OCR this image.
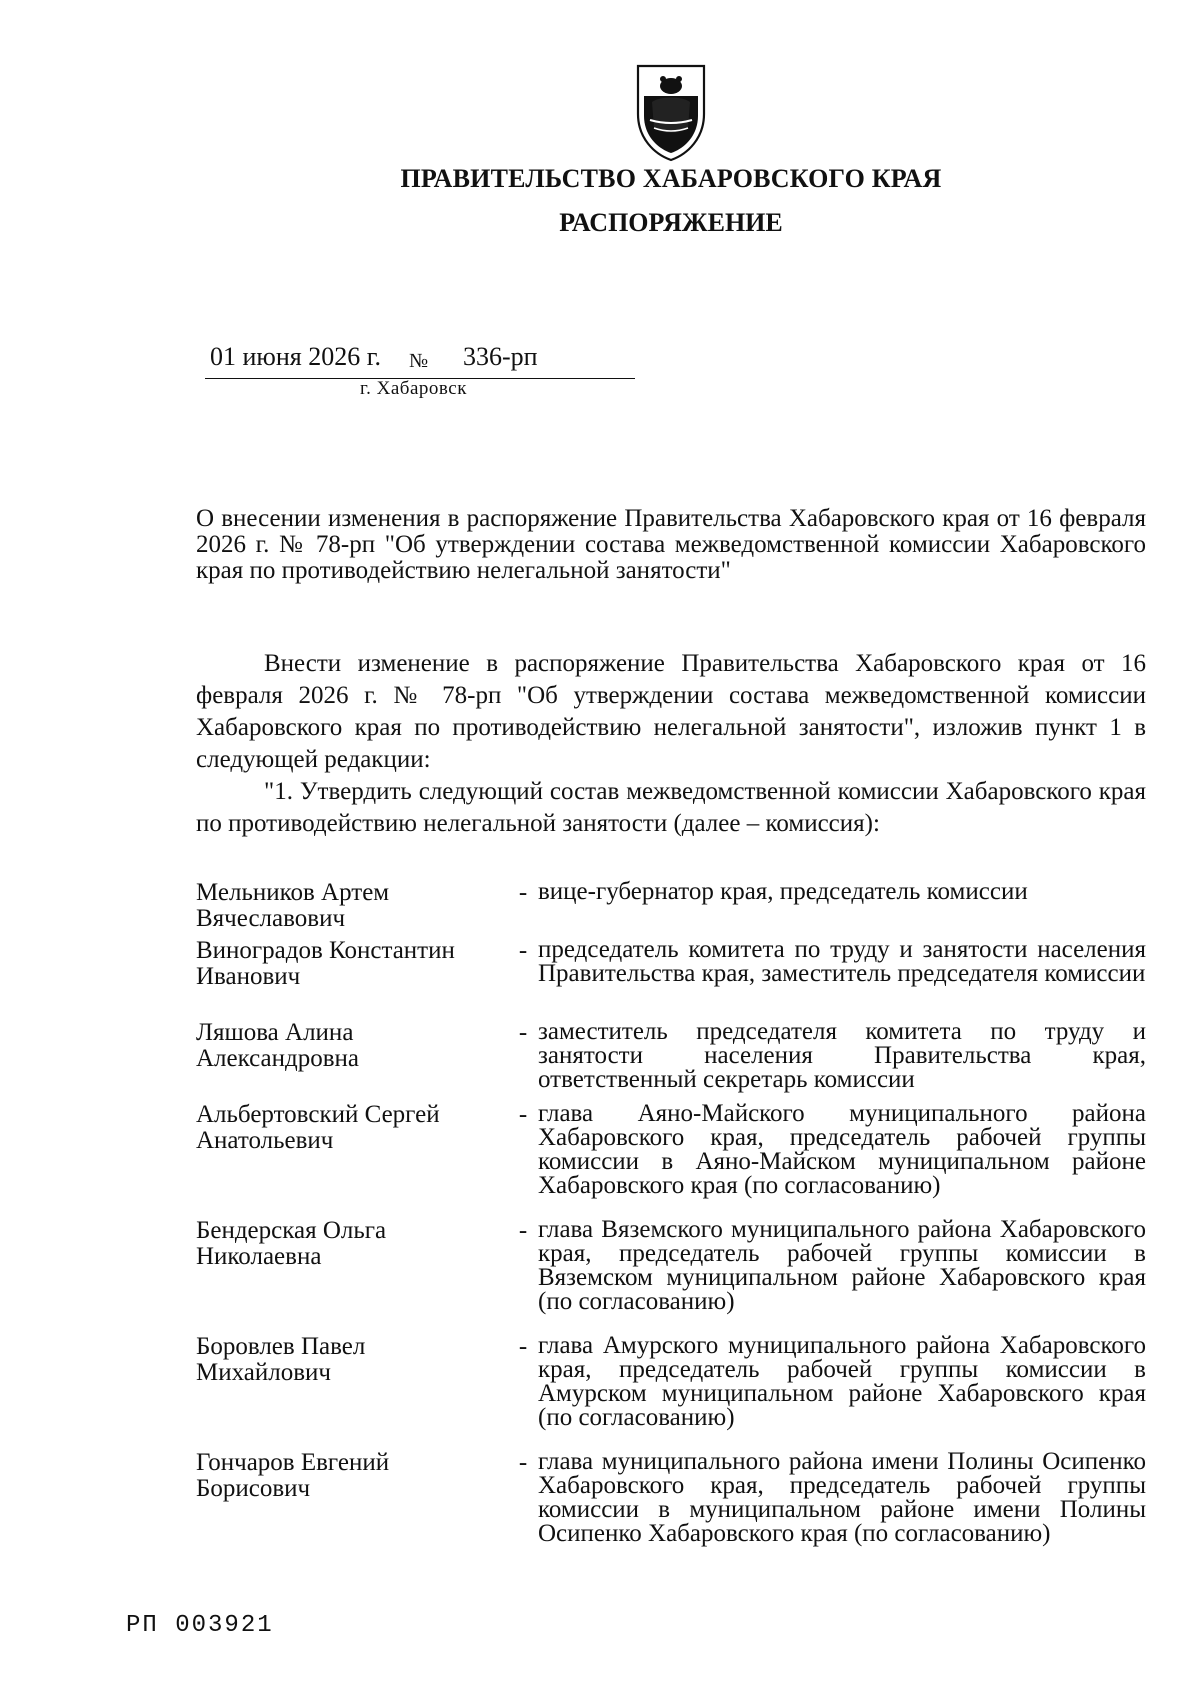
ПРАВИТЕЛЬСТВО ХАБАРОВСКОГО КРАЯ
РАСПОРЯЖЕНИЕ
01 июня 2026 г. № 336-рп
г. Хабаровск
О внесении изменения в распоряжение Правительства Хабаровского края от 16 февраля 2026 г. № 78-рп "Об утверждении состава межведомственной комиссии Хабаровского края по противодействию нелегальной занятости"

Внести изменение в распоряжение Правительства Хабаровского края от 16 февраля 2026 г. № 78-рп "Об утверждении состава межведомственной комиссии Хабаровского края по противодействию нелегальной занятости", изложив пункт 1 в следующей редакции:

"1. Утвердить следующий состав межведомственной комиссии Хабаровского края по противодействию нелегальной занятости (далее – комиссия):

Мельников Артем Вячеславович
- вице-губернатор края, председатель комиссии
Виноградов Константин Иванович
- председатель комитета по труду и занятости населения Правительства края, заместитель председателя комиссии
Ляшова Алина Александровна
- заместитель председателя комитета по труду и занятости населения Правительства края, ответственный секретарь комиссии
Альбертовский Сергей Анатольевич
- глава Аяно-Майского муниципального района Хабаровского края, председатель рабочей группы комиссии в Аяно-Майском муниципальном районе Хабаровского края (по согласованию)
Бендерская Ольга Николаевна
- глава Вяземского муниципального района Хабаровского края, председатель рабочей группы комиссии в Вяземском муниципальном районе Хабаровского края (по согласованию)
Боровлев Павел Михайлович
- глава Амурского муниципального района Хабаровского края, председатель рабочей группы комиссии в Амурском муниципальном районе Хабаровского края (по согласованию)
Гончаров Евгений Борисович
- глава муниципального района имени Полины Осипенко Хабаровского края, председатель рабочей группы комиссии в муниципальном районе имени Полины Осипенко Хабаровского края (по согласованию)
РП 003921
